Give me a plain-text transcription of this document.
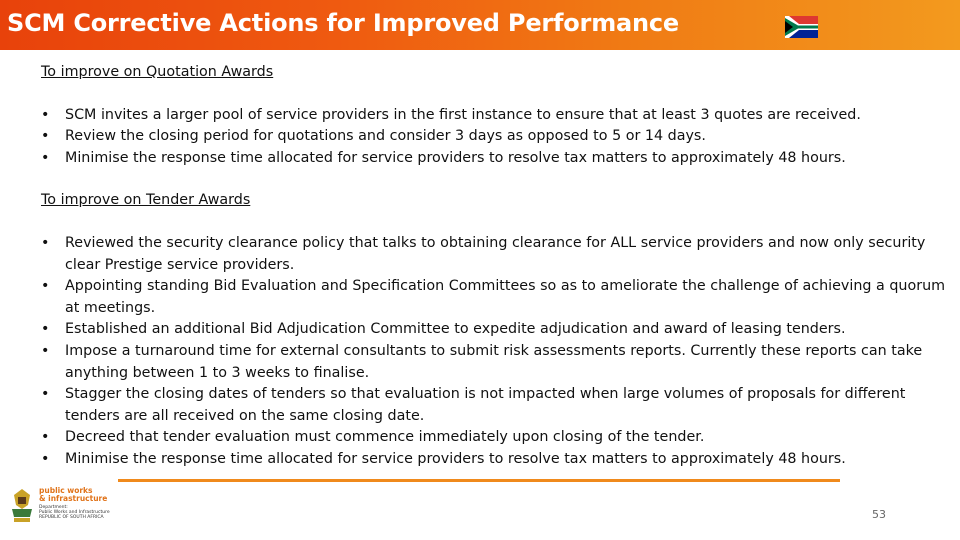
SCM Corrective Actions for Improved Performance
To improve on Quotation Awards
• SCM invites a larger pool of service providers in the first instance to ensure that at least 3 quotes are received.
• Review the closing period for quotations and consider 3 days as opposed to 5 or 14 days.
• Minimise the response time allocated for service providers to resolve tax matters to approximately 48 hours.
To improve on Tender Awards
• Reviewed the security clearance policy that talks to obtaining clearance for ALL service providers and now only security clear Prestige service providers.
• Appointing standing Bid Evaluation and Specification Committees so as to ameliorate the challenge of achieving a quorum at meetings.
• Established an additional Bid Adjudication Committee to expedite adjudication and award of leasing tenders.
• Impose a turnaround time for external consultants to submit risk assessments reports. Currently these reports can take anything between 1 to 3 weeks to finalise.
• Stagger the closing dates of tenders so that evaluation is not impacted when large volumes of proposals for different tenders are all received on the same closing date.
• Decreed that tender evaluation must commence immediately upon closing of the tender.
• Minimise the response time allocated for service providers to resolve tax matters to approximately 48 hours.
public works
& infrastructure
Department:
Public Works and Infrastructure
REPUBLIC OF SOUTH AFRICA	53
